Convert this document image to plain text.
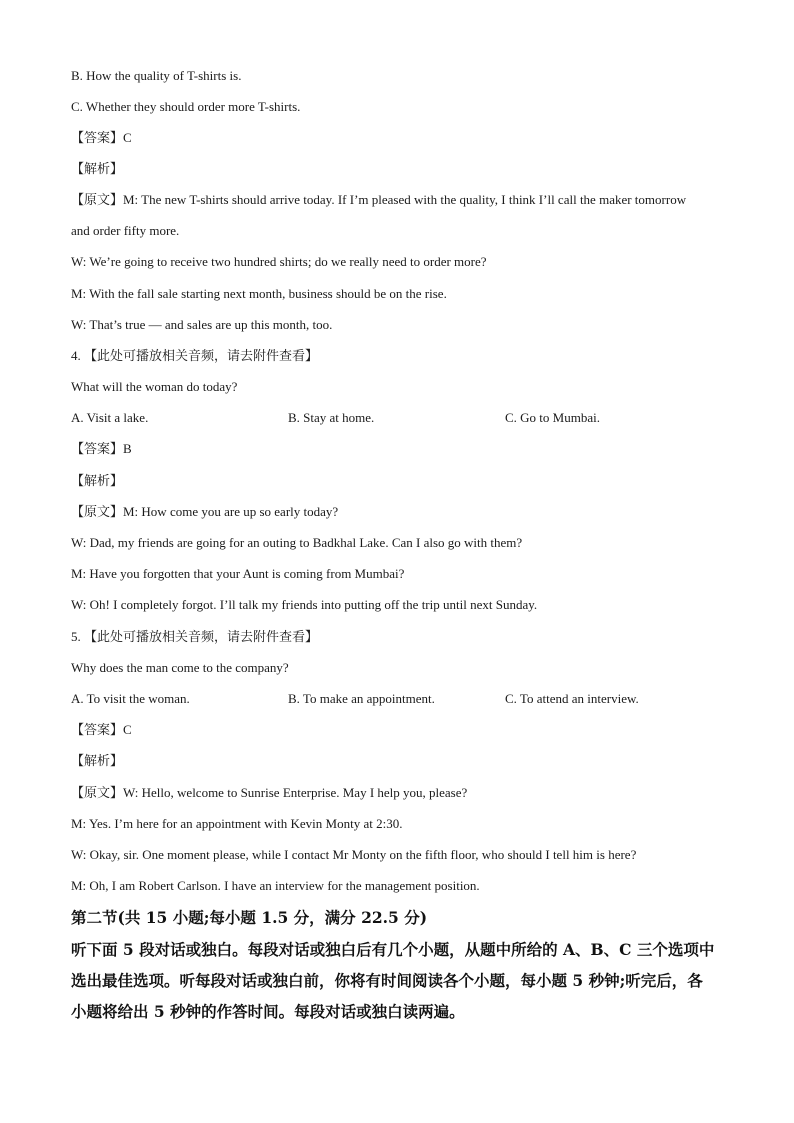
B. How the quality of T-shirts is.
C. Whether they should order more T-shirts.
【答案】C
【解析】
【原文】M: The new T-shirts should arrive today. If I’m pleased with the quality, I think I’ll call the maker tomorrow
and order fifty more.
W: We’re going to receive two hundred shirts; do we really need to order more?
M: With the fall sale starting next month, business should be on the rise.
W: That’s true — and sales are up this month, too.
4. 【此处可播放相关音频，请去附件查看】
What will the woman do today?
A. Visit a lake.	B. Stay at home.	C. Go to Mumbai.
【答案】B
【解析】
【原文】M: How come you are up so early today?
W: Dad, my friends are going for an outing to Badkhal Lake. Can I also go with them?
M: Have you forgotten that your Aunt is coming from Mumbai?
W: Oh! I completely forgot. I’ll talk my friends into putting off the trip until next Sunday.
5. 【此处可播放相关音频，请去附件查看】
Why does the man come to the company?
A. To visit the woman.	B. To make an appointment.	C. To attend an interview.
【答案】C
【解析】
【原文】W: Hello, welcome to Sunrise Enterprise. May I help you, please?
M: Yes. I’m here for an appointment with Kevin Monty at 2:30.
W: Okay, sir. One moment please, while I contact Mr Monty on the fifth floor, who should I tell him is here?
M: Oh, I am Robert Carlson. I have an interview for the management position.
第二节(共 15 小题;每小题 1.5 分，满分 22.5 分)
听下面 5 段对话或独白。每段对话或独白后有几个小题，从题中所给的 A、B、C 三个选项中
选出最佳选项。听每段对话或独白前，你将有时间阅读各个小题，每小题 5 秒钟;听完后，各
小题将给出 5 秒钟的作答时间。每段对话或独白读两遍。
